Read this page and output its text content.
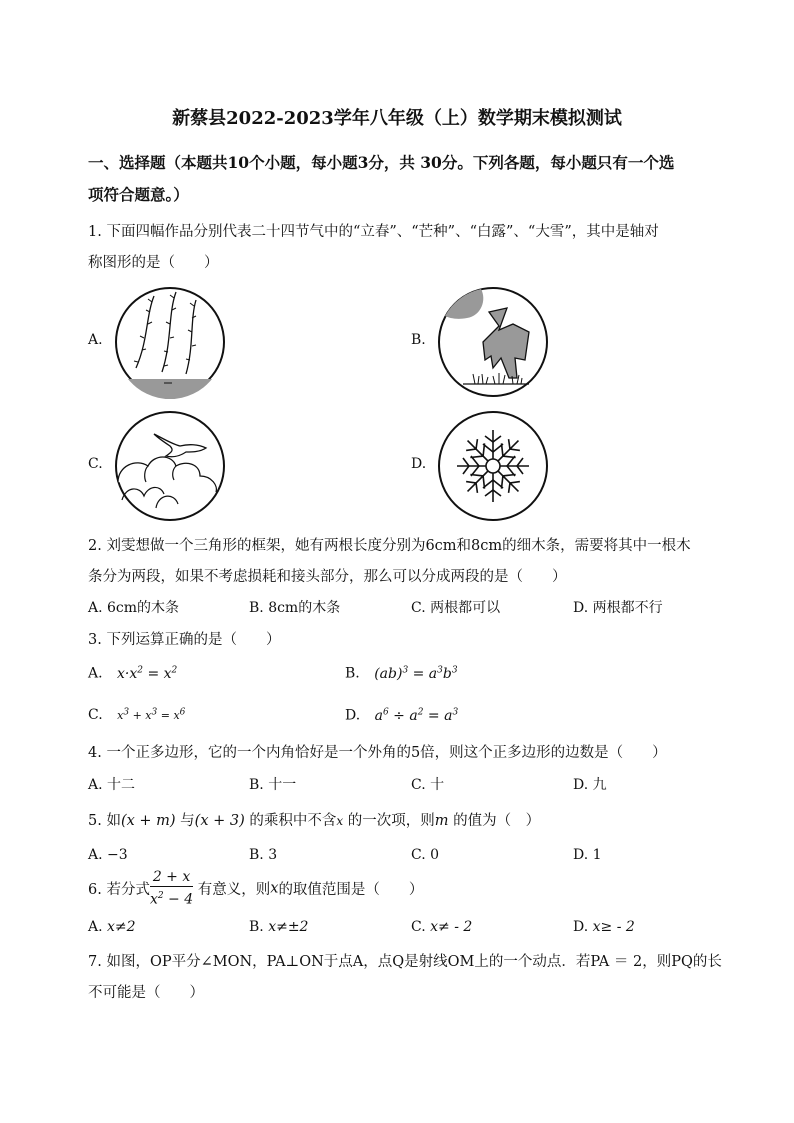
新蔡县2022-2023学年八年级（上）数学期末模拟测试
一、选择题（本题共10个小题，每小题3分，共 30分。下列各题，每小题只有一个选
项符合题意。）
1. 下面四幅作品分别代表二十四节气中的“立春”、“芒种”、“白露”、“大雪”，其中是轴对
称图形的是（　　）
A.	B.
C.	D.
2. 刘雯想做一个三角形的框架，她有两根长度分别为6cm和8cm的细木条，需要将其中一根木
条分为两段，如果不考虑损耗和接头部分，那么可以分成两段的是（　　）
A. 6cm的木条	B. 8cm的木条	C. 两根都可以	D. 两根都不行
3. 下列运算正确的是（　　）
A. $x\cdot x^2 = x^2$	B. $(ab)^3 = a^3b^3$
C. $x^3 + x^3 = x^6$	D. $a^6 \div a^2 = a^3$
4. 一个正多边形，它的一个内角恰好是一个外角的5倍，则这个正多边形的边数是（　　）
A. 十二	B. 十一	C. 十	D. 九
5. 如(x + m) 与(x + 3) 的乘积中不含x 的一次项，则m 的值为（　）
A. −3	B. 3	C. 0	D. 1
6. 若分式 $\frac{2 + x}{x^2 - 4}$ 有意义，则x的取值范围是（　　）
A. x≠2	B. x≠±2	C. x≠ - 2	D. x≥ - 2
7. 如图，OP平分∠MON，PA⊥ON于点A，点Q是射线OM上的一个动点．若PA ＝ 2，则PQ的长
不可能是（　　）
